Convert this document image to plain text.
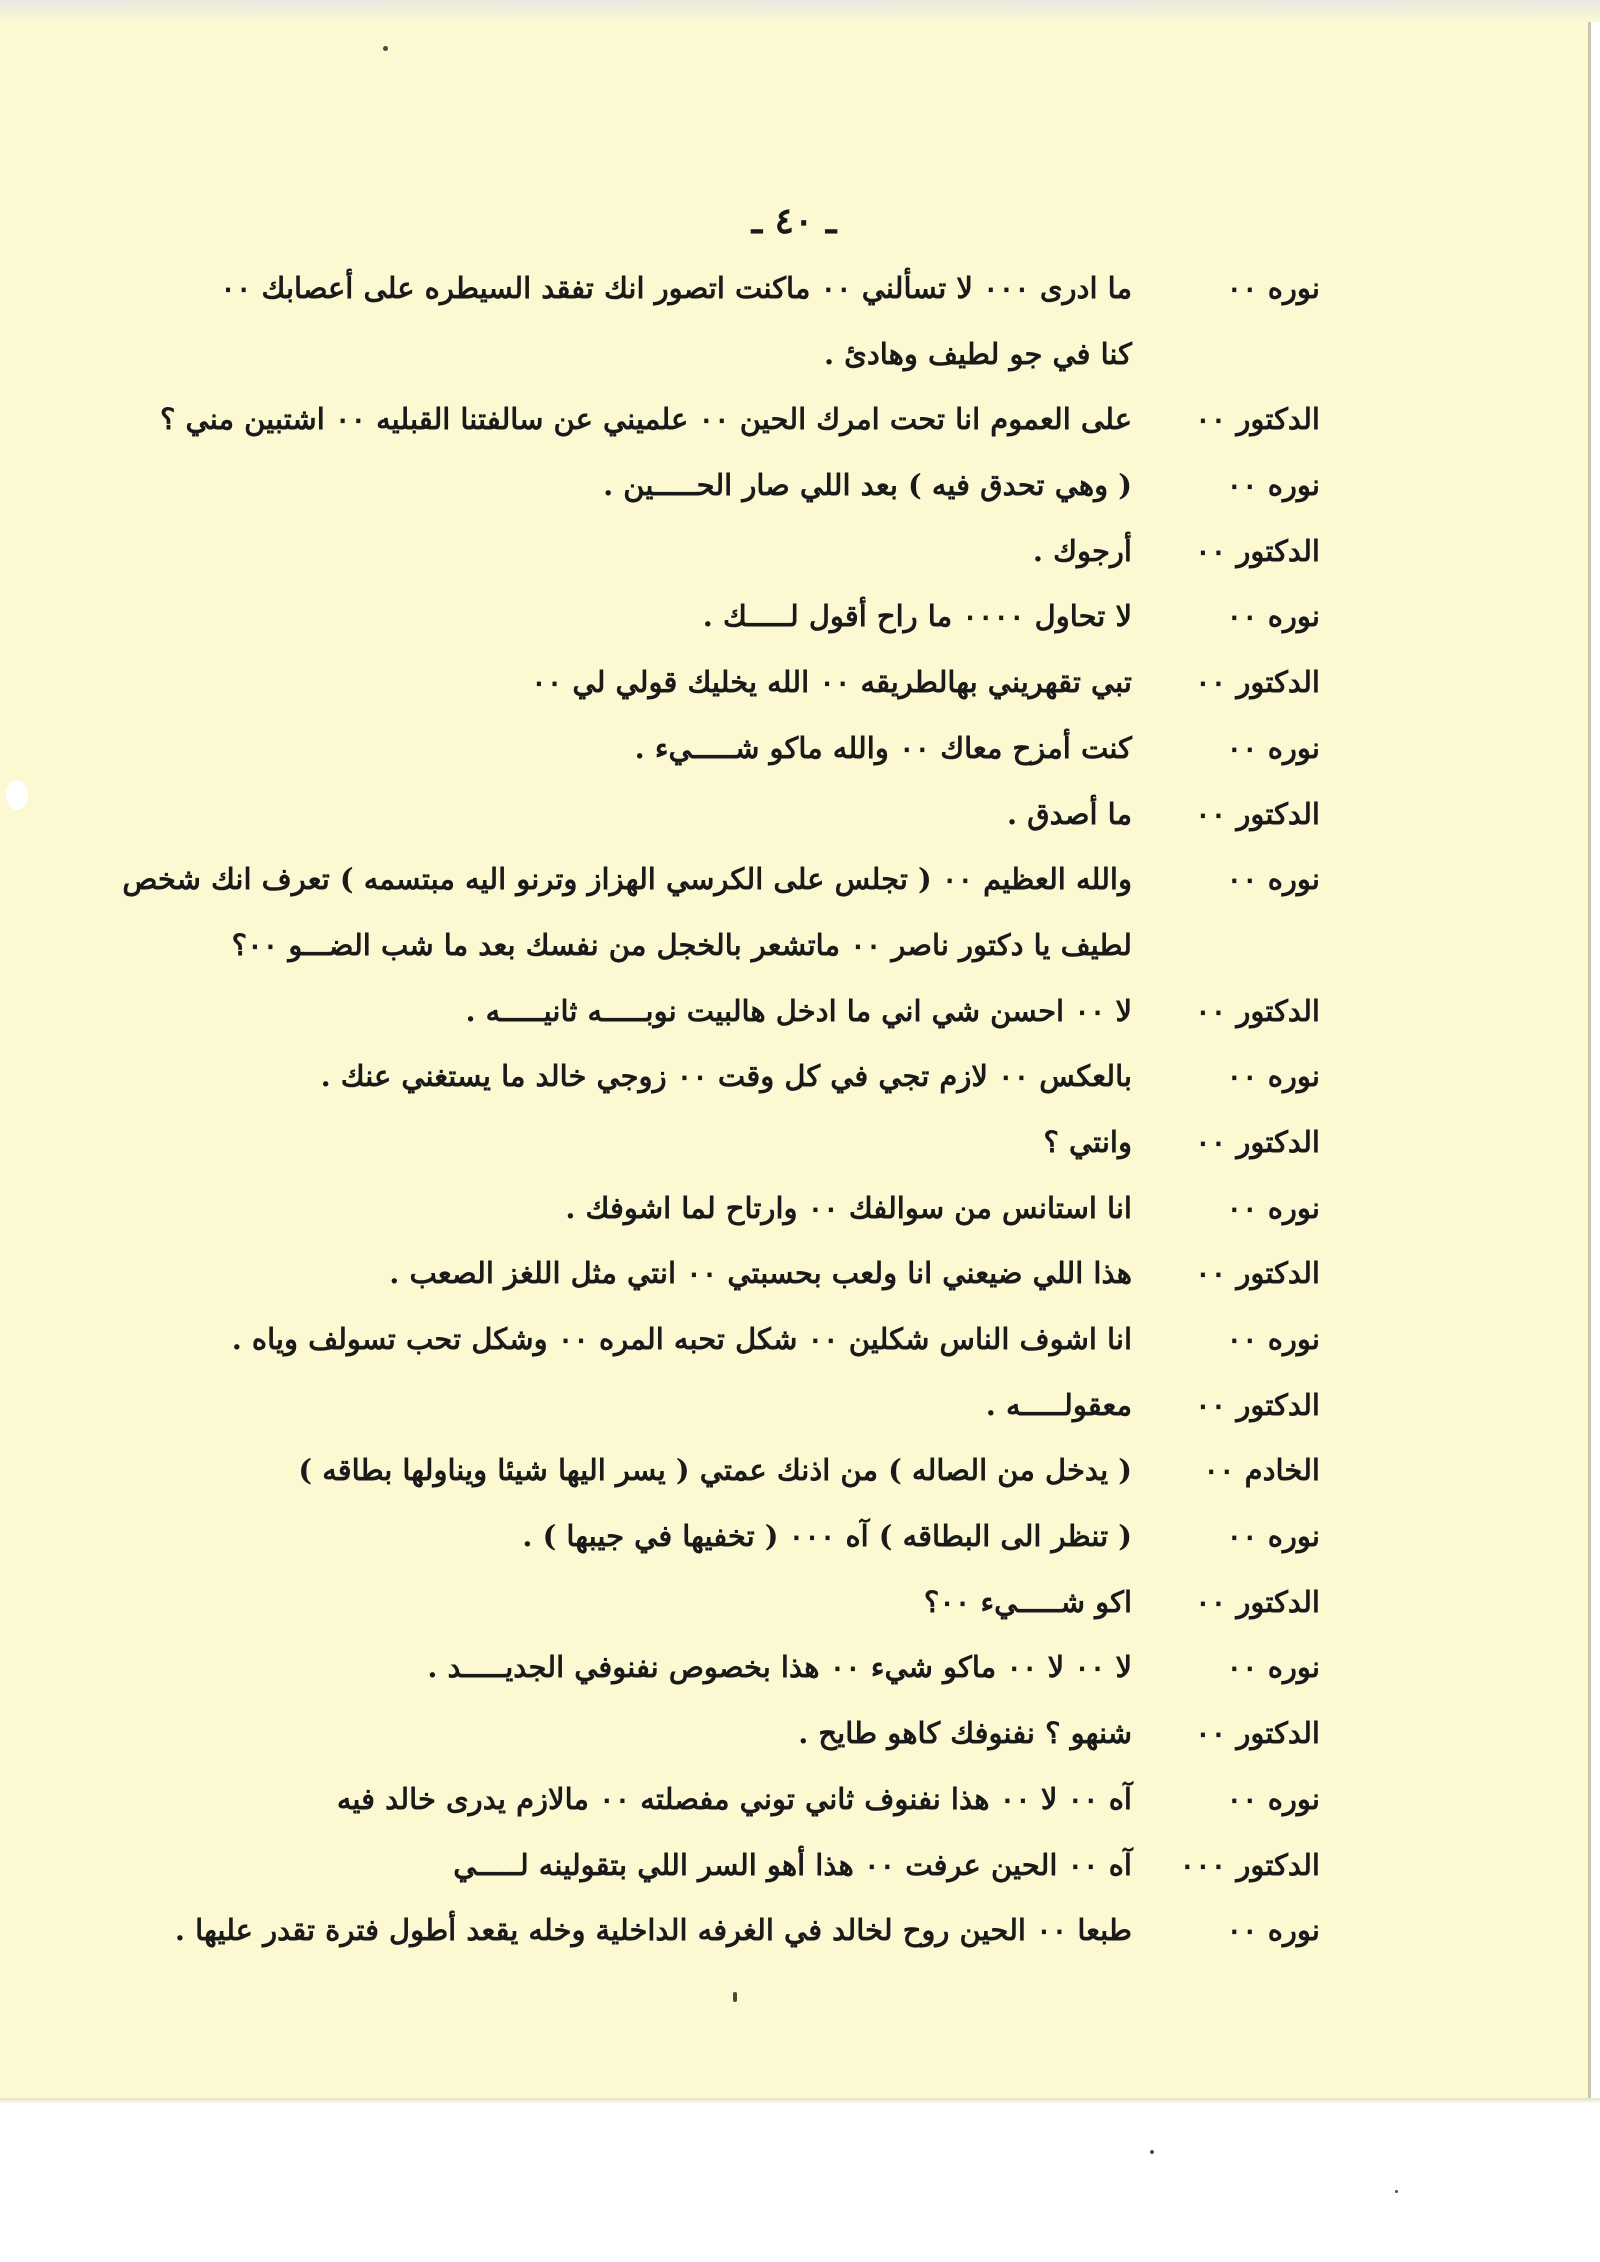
ـ ٤٠ ـ
نوره ٠٠
ما ادرى ٠٠٠ لا تسألني ٠٠ ماكنت اتصور انك تفقد السيطره على أعصابك ٠٠
كنا في جو لطيف وهادئ .
الدكتور ٠٠
على العموم انا تحت امرك الحين ٠٠ علميني عن سالفتنا القبليه ٠٠ اشتبين مني ؟
نوره ٠٠
( وهي تحدق فيه ) بعد اللي صار الحـــــين .
الدكتور ٠٠
أرجوك .
نوره ٠٠
لا تحاول ٠٠٠٠ ما راح أقول لـــــك .
الدكتور ٠٠
تبي تقهريني بهالطريقه ٠٠ الله يخليك قولي لي ٠٠
نوره ٠٠
كنت أمزح معاك ٠٠ والله ماكو شـــــيء .
الدكتور ٠٠
ما أصدق .
نوره ٠٠
والله العظيم ٠٠ ( تجلس على الكرسي الهزاز وترنو اليه مبتسمه ) تعرف انك شخص
لطيف يا دكتور ناصر ٠٠ ماتشعر بالخجل من نفسك بعد ما شب الضـــو ٠٠؟
الدكتور ٠٠
لا ٠٠ احسن شي اني ما ادخل هالبيت نوبـــــه ثانيـــــه .
نوره ٠٠
بالعكس ٠٠ لازم تجي في كل وقت ٠٠ زوجي خالد ما يستغني عنك .
الدكتور ٠٠
وانتي ؟
نوره ٠٠
انا استانس من سوالفك ٠٠ وارتاح لما اشوفك .
الدكتور ٠٠
هذا اللي ضيعني انا ولعب بحسبتي ٠٠ انتي مثل اللغز الصعب .
نوره ٠٠
انا اشوف الناس شكلين ٠٠ شكل تحبه المره ٠٠ وشكل تحب تسولف وياه .
الدكتور ٠٠
معقولـــــه .
الخادم ٠٠
( يدخل من الصاله ) من اذنك عمتي ( يسر اليها شيئا ويناولها بطاقه )
نوره ٠٠
( تنظر الى البطاقه ) آه ٠٠٠ ( تخفيها في جيبها ) .
الدكتور ٠٠
اكو شـــــيء ٠٠؟
نوره ٠٠
لا ٠٠ لا ٠٠ ماكو شيء ٠٠ هذا بخصوص نفنوفي الجديـــــد .
الدكتور ٠٠
شنهو ؟ نفنوفك كاهو طايح .
نوره ٠٠
آه ٠٠ لا ٠٠ هذا نفنوف ثاني توني مفصلته ٠٠ مالازم يدرى خالد فيه
الدكتور ٠٠٠
آه ٠٠ الحين عرفت ٠٠ هذا أهو السر اللي بتقولينه لـــــي
نوره ٠٠
طبعا ٠٠ الحين روح لخالد في الغرفه الداخلية وخله يقعد أطول فترة تقدر عليها .
